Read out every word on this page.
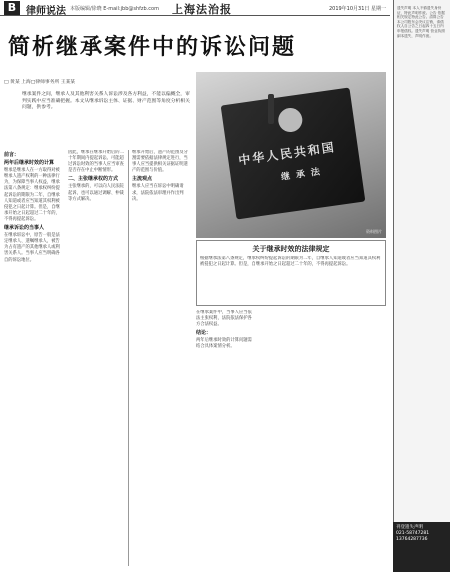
B 律师说法 本版编辑/徐晓 E-mail:jbb@shfzb.com 上海法治报	2019年10月31日 星期一
简析继承案件中的诉讼问题
□ 黄某 上海□律师事务所 王某某
继承案件之间，继承人及其他利害关系人诉讼涉及各方利益，不能以偏概全，审判实践中应当准确把握。本文从继承诉讼主体、证据、财产范围等角度分析相关问题，供参考。
中华人民共和国
继承法
资料图片
前言：
两年后继承时效的计算
继承是继承人在一方取得对被继承人遗产权利的一种法律行为，为保障当事人权益，继承法第八条规定：继承权纠纷提起诉讼的期限为二年，自继承人知道或者应当知道其权利被侵犯之日起计算。但是，自继承开始之日起超过二十年的，不得再提起诉讼。
继承诉讼的当事人
在继承诉讼中，原告一般是法定继承人、遗嘱继承人，被告为占有遗产的其他继承人或利害关系人。当事人应当明确各自的诉讼地位。
因此，继承在继承开始后的二十年期间内提起诉讼。可能超过诉讼时效的当事人应当审查是否存在中止中断情形。
二、主张继承权的方式
主张继承的，可以向人民法院起诉，也可以通过调解、仲裁等方式解决。
继承开始后，遗产的范围及分割需要依据法律规定进行，当事人应当提供相关证据证明遗产的范围与价值。
主流观点
继承人应当在诉讼中明确请求，法院依法审理并作出判决。
关于继承时效的法律规定
根据继承法第八条规定，继承权纠纷提起诉讼的期限为二年，自继承人知道或者应当知道其权利被侵犯之日起计算。但是，自继承开始之日起超过二十年的，不得再提起诉讼。
在继承案件中，当事人应当依法主张权利，法院依法保护各方合法权益。
结论：
两年后继承时效的计算问题需结合具体案情分析。
遗失声明 本人不慎遗失身份证，特此声明作废。公告 依据相关规定特此公告。清算公告 本公司股东会决议注销，请债权人自公告之日起四十五日内申报债权。遗失声明 营业执照副本遗失，声明作废。
刊登遗失声明
021-58747281
13764287736
